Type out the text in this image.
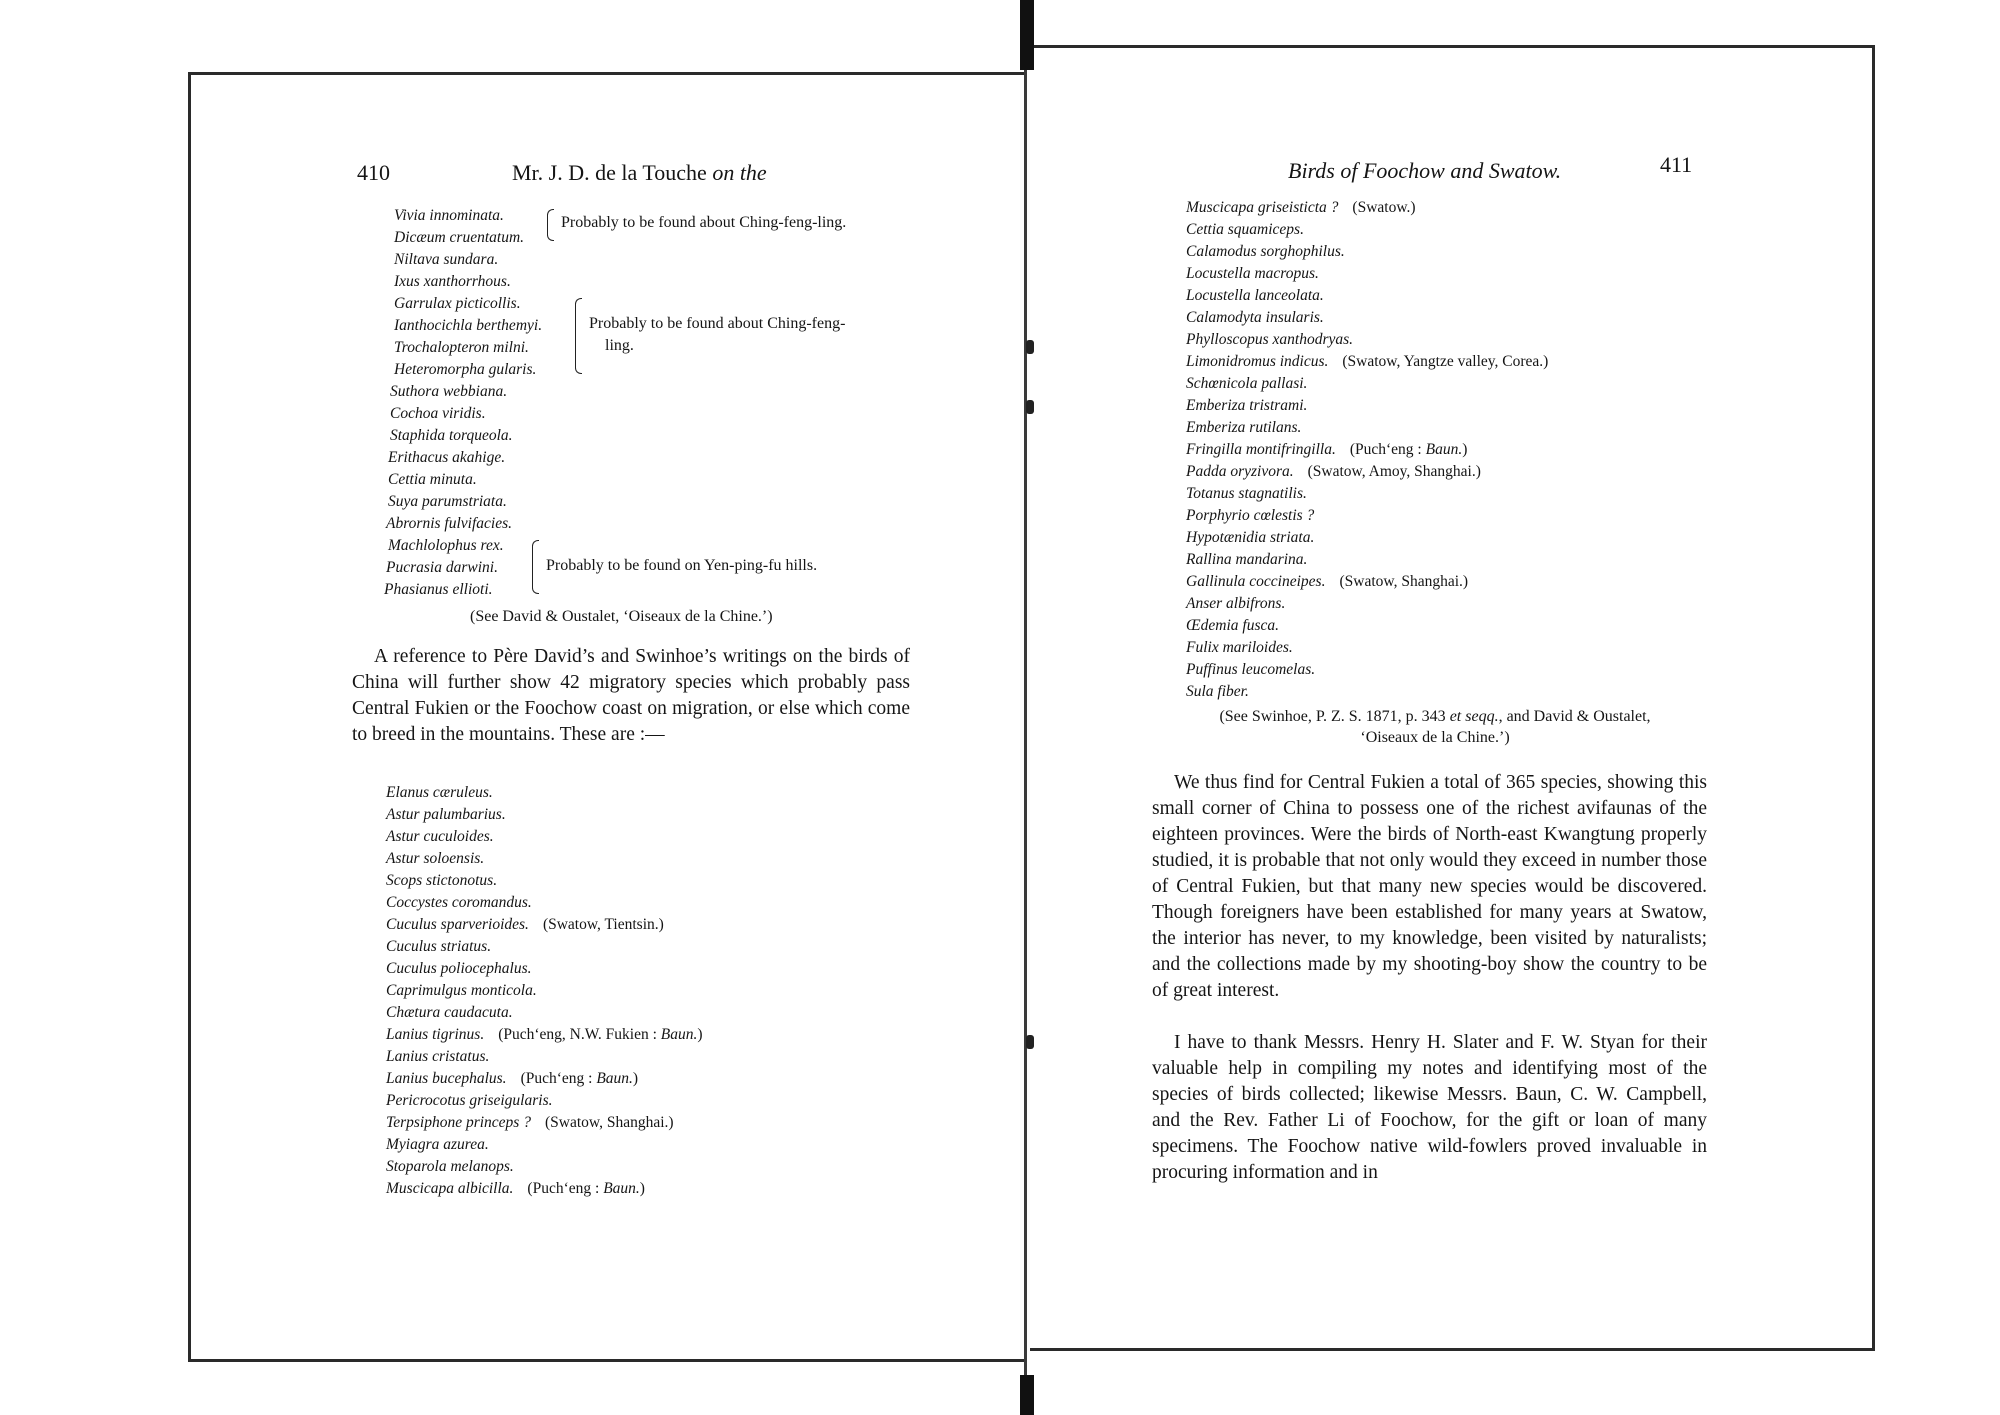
410	Mr. J. D. de la Touche on the
Vivia innominata.
Dicæum cruentatum.
Niltava sundara.
Ixus xanthorrhous.
Garrulax picticollis.
Ianthocichla berthemyi.
Trochalopteron milni.
Heteromorpha gularis.
Suthora webbiana.
Cochoa viridis.
Staphida torqueola.
Erithacus akahige.
Cettia minuta.
Suya parumstriata.
Abrornis fulvifacies.
Machlolophus rex.
Pucrasia darwini.
Phasianus ellioti.
Probably to be found about Ching-feng-ling.
Probably to be found about Ching-feng-
ling.
Probably to be found on Yen-ping-fu hills.
(See David & Oustalet, ‘Oiseaux de la Chine.’)

A reference to Père David’s and Swinhoe’s writings on the birds of China will further show 42 migratory species which probably pass Central Fukien or the Foochow coast on migration, or else which come to breed in the mountains. These are :—

Elanus cæruleus.
Astur palumbarius.
Astur cuculoides.
Astur soloensis.
Scops stictonotus.
Coccystes coromandus.
Cuculus sparverioides. (Swatow, Tientsin.)
Cuculus striatus.
Cuculus poliocephalus.
Caprimulgus monticola.
Chætura caudacuta.
Lanius tigrinus. (Puch‘eng, N.W. Fukien : Baun.)
Lanius cristatus.
Lanius bucephalus. (Puch‘eng : Baun.)
Pericrocotus griseigularis.
Terpsiphone princeps ? (Swatow, Shanghai.)
Myiagra azurea.
Stoparola melanops.
Muscicapa albicilla. (Puch‘eng : Baun.)
Birds of Foochow and Swatow.	411
Muscicapa griseisticta ? (Swatow.)
Cettia squamiceps.
Calamodus sorghophilus.
Locustella macropus.
Locustella lanceolata.
Calamodyta insularis.
Phylloscopus xanthodryas.
Limonidromus indicus. (Swatow, Yangtze valley, Corea.)
Schœnicola pallasi.
Emberiza tristrami.
Emberiza rutilans.
Fringilla montifringilla. (Puch‘eng : Baun.)
Padda oryzivora. (Swatow, Amoy, Shanghai.)
Totanus stagnatilis.
Porphyrio cœlestis ?
Hypotænidia striata.
Rallina mandarina.
Gallinula coccineipes. (Swatow, Shanghai.)
Anser albifrons.
Œdemia fusca.
Fulix mariloides.
Puffinus leucomelas.
Sula fiber.
(See Swinhoe, P. Z. S. 1871, p. 343 et seqq., and David & Oustalet,
‘Oiseaux de la Chine.’)

We thus find for Central Fukien a total of 365 species, showing this small corner of China to possess one of the richest avifaunas of the eighteen provinces. Were the birds of North-east Kwangtung properly studied, it is probable that not only would they exceed in number those of Central Fukien, but that many new species would be discovered. Though foreigners have been established for many years at Swatow, the interior has never, to my knowledge, been visited by naturalists; and the collections made by my shooting-boy show the country to be of great interest.

I have to thank Messrs. Henry H. Slater and F. W. Styan for their valuable help in compiling my notes and identifying most of the species of birds collected; likewise Messrs. Baun, C. W. Campbell, and the Rev. Father Li of Foochow, for the gift or loan of many specimens. The Foochow native wild-fowlers proved invaluable in procuring information and in
